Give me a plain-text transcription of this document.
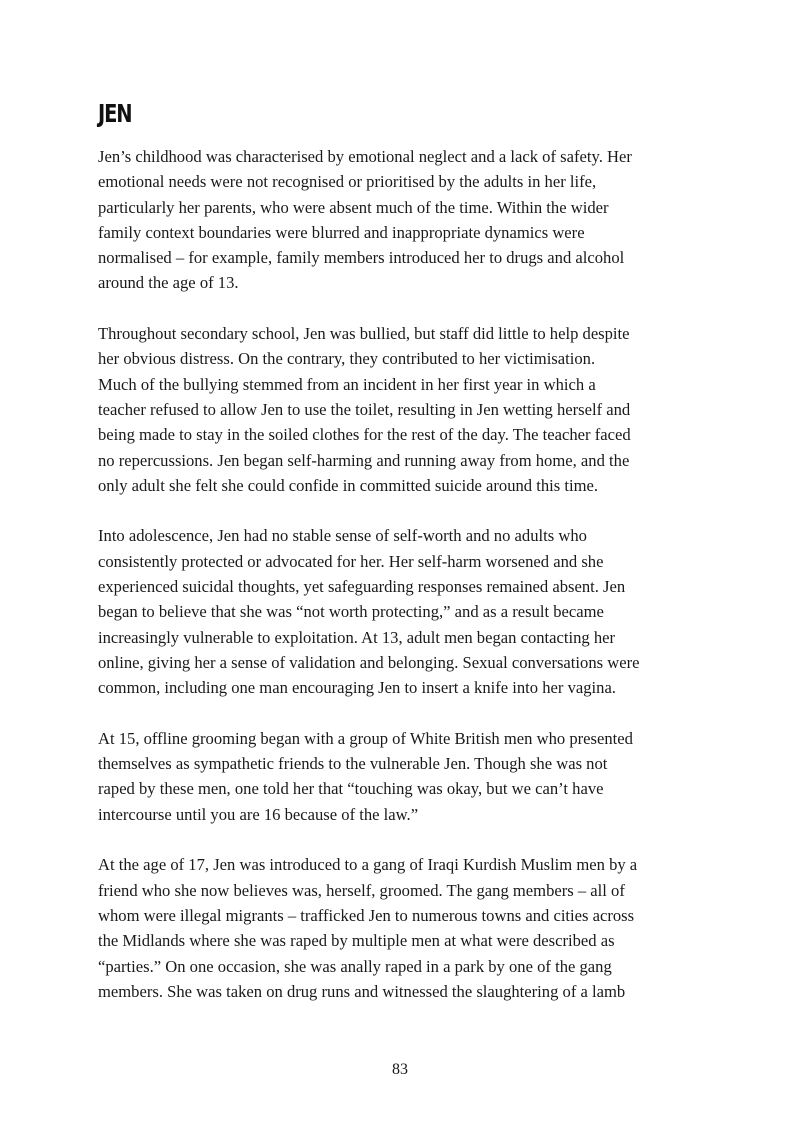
JEN

Jen’s childhood was characterised by emotional neglect and a lack of safety. Her
emotional needs were not recognised or prioritised by the adults in her life,
particularly her parents, who were absent much of the time. Within the wider
family context boundaries were blurred and inappropriate dynamics were
normalised – for example, family members introduced her to drugs and alcohol
around the age of 13.

Throughout secondary school, Jen was bullied, but staff did little to help despite
her obvious distress. On the contrary, they contributed to her victimisation.
Much of the bullying stemmed from an incident in her first year in which a
teacher refused to allow Jen to use the toilet, resulting in Jen wetting herself and
being made to stay in the soiled clothes for the rest of the day. The teacher faced
no repercussions. Jen began self-harming and running away from home, and the
only adult she felt she could confide in committed suicide around this time.

Into adolescence, Jen had no stable sense of self-worth and no adults who
consistently protected or advocated for her. Her self-harm worsened and she
experienced suicidal thoughts, yet safeguarding responses remained absent. Jen
began to believe that she was “not worth protecting,” and as a result became
increasingly vulnerable to exploitation. At 13, adult men began contacting her
online, giving her a sense of validation and belonging. Sexual conversations were
common, including one man encouraging Jen to insert a knife into her vagina.

At 15, offline grooming began with a group of White British men who presented
themselves as sympathetic friends to the vulnerable Jen. Though she was not
raped by these men, one told her that “touching was okay, but we can’t have
intercourse until you are 16 because of the law.”

At the age of 17, Jen was introduced to a gang of Iraqi Kurdish Muslim men by a
friend who she now believes was, herself, groomed. The gang members – all of
whom were illegal migrants – trafficked Jen to numerous towns and cities across
the Midlands where she was raped by multiple men at what were described as
“parties.” On one occasion, she was anally raped in a park by one of the gang
members. She was taken on drug runs and witnessed the slaughtering of a lamb

83
